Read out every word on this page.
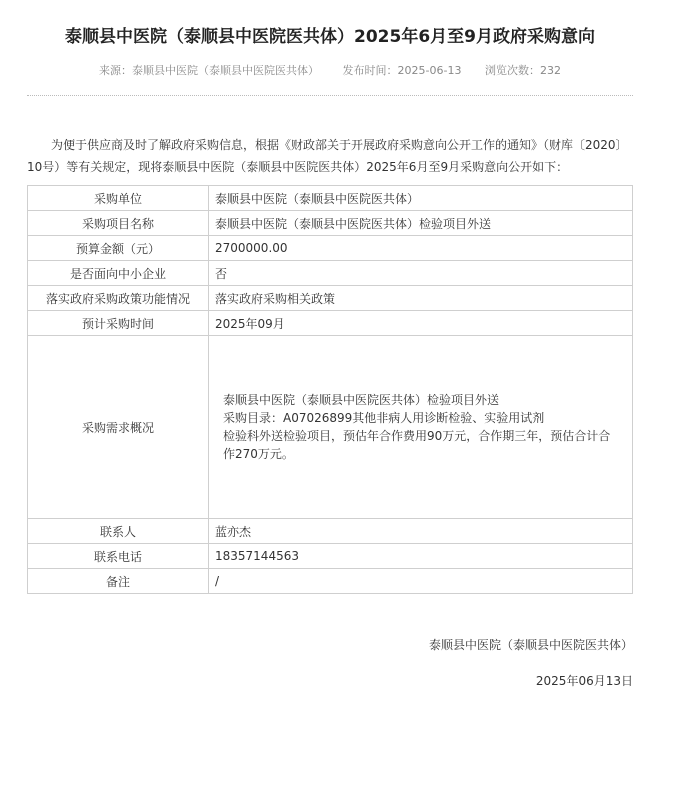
泰顺县中医院（泰顺县中医院医共体）2025年6月至9月政府采购意向
来源：泰顺县中医院（泰顺县中医院医共体） 发布时间：2025-06-13 浏览次数：232
为便于供应商及时了解政府采购信息，根据《财政部关于开展政府采购意向公开工作的通知》（财库〔2020〕10号）等有关规定，现将泰顺县中医院（泰顺县中医院医共体）2025年6月至9月采购意向公开如下：
采购单位	泰顺县中医院（泰顺县中医院医共体）
采购项目名称	泰顺县中医院（泰顺县中医院医共体）检验项目外送
预算金额（元）	2700000.00
是否面向中小企业	否
落实政府采购政策功能情况	落实政府采购相关政策
预计采购时间	2025年09月
采购需求概况	泰顺县中医院（泰顺县中医院医共体）检验项目外送
采购目录：A07026899其他非病人用诊断检验、实验用试剂
检验科外送检验项目，预估年合作费用90万元，合作期三年，预估合计合作270万元。

联系人	蓝亦杰
联系电话	18357144563
备注	/
泰顺县中医院（泰顺县中医院医共体）
2025年06月13日
